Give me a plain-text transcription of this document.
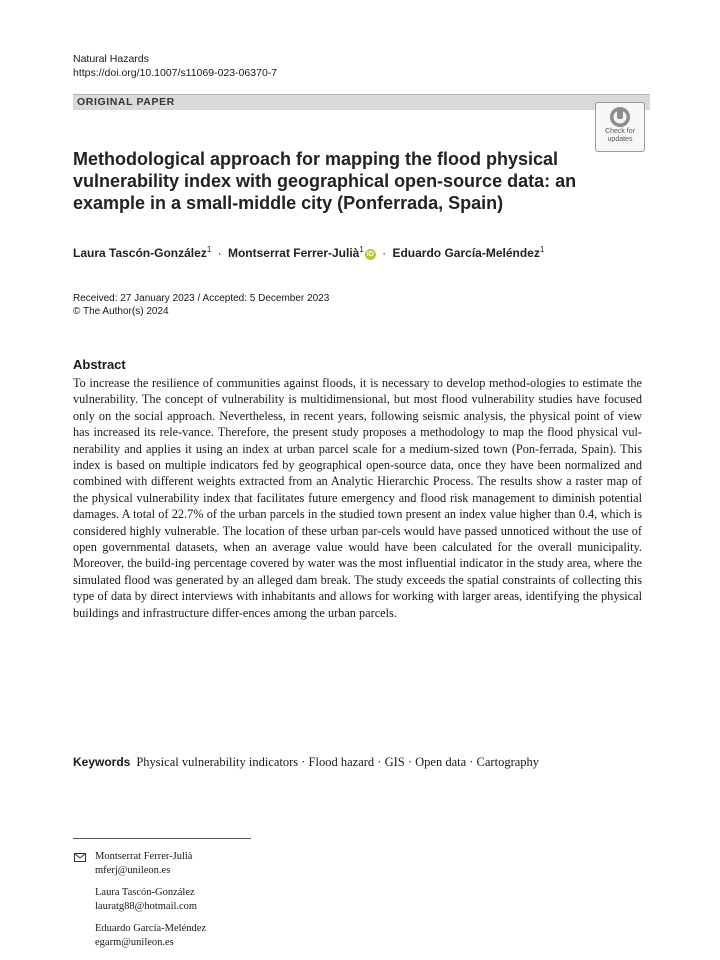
Natural Hazards
https://doi.org/10.1007/s11069-023-06370-7
ORIGINAL PAPER
Check for updates
Methodological approach for mapping the flood physical vulnerability index with geographical open-source data: an example in a small-middle city (Ponferrada, Spain)
Laura Tascón-González$^1$ · Montserrat Ferrer-Julià$^1$iD · Eduardo García-Meléndez$^1$
Received: 27 January 2023 / Accepted: 5 December 2023
© The Author(s) 2024
Abstract

To increase the resilience of communities against floods, it is necessary to develop method-ologies to estimate the vulnerability. The concept of vulnerability is multidimensional, but most flood vulnerability studies have focused only on the social approach. Nevertheless, in recent years, following seismic analysis, the physical point of view has increased its rele-vance. Therefore, the present study proposes a methodology to map the flood physical vul-nerability and applies it using an index at urban parcel scale for a medium-sized town (Pon-ferrada, Spain). This index is based on multiple indicators fed by geographical open-source data, once they have been normalized and combined with different weights extracted from an Analytic Hierarchic Process. The results show a raster map of the physical vulnerability index that facilitates future emergency and flood risk management to diminish potential damages. A total of 22.7% of the urban parcels in the studied town present an index value higher than 0.4, which is considered highly vulnerable. The location of these urban par-cels would have passed unnoticed without the use of open governmental datasets, when an average value would have been calculated for the overall municipality. Moreover, the build-ing percentage covered by water was the most influential indicator in the study area, where the simulated flood was generated by an alleged dam break. The study exceeds the spatial constraints of collecting this type of data by direct interviews with inhabitants and allows for working with larger areas, identifying the physical buildings and infrastructure differ-ences among the urban parcels.

Keywords Physical vulnerability indicators · Flood hazard · GIS · Open data · Cartography
Montserrat Ferrer-Julià
mferj@unileon.es
Laura Tascón-González
lauratg88@hotmail.com
Eduardo García-Meléndez
egarm@unileon.es
